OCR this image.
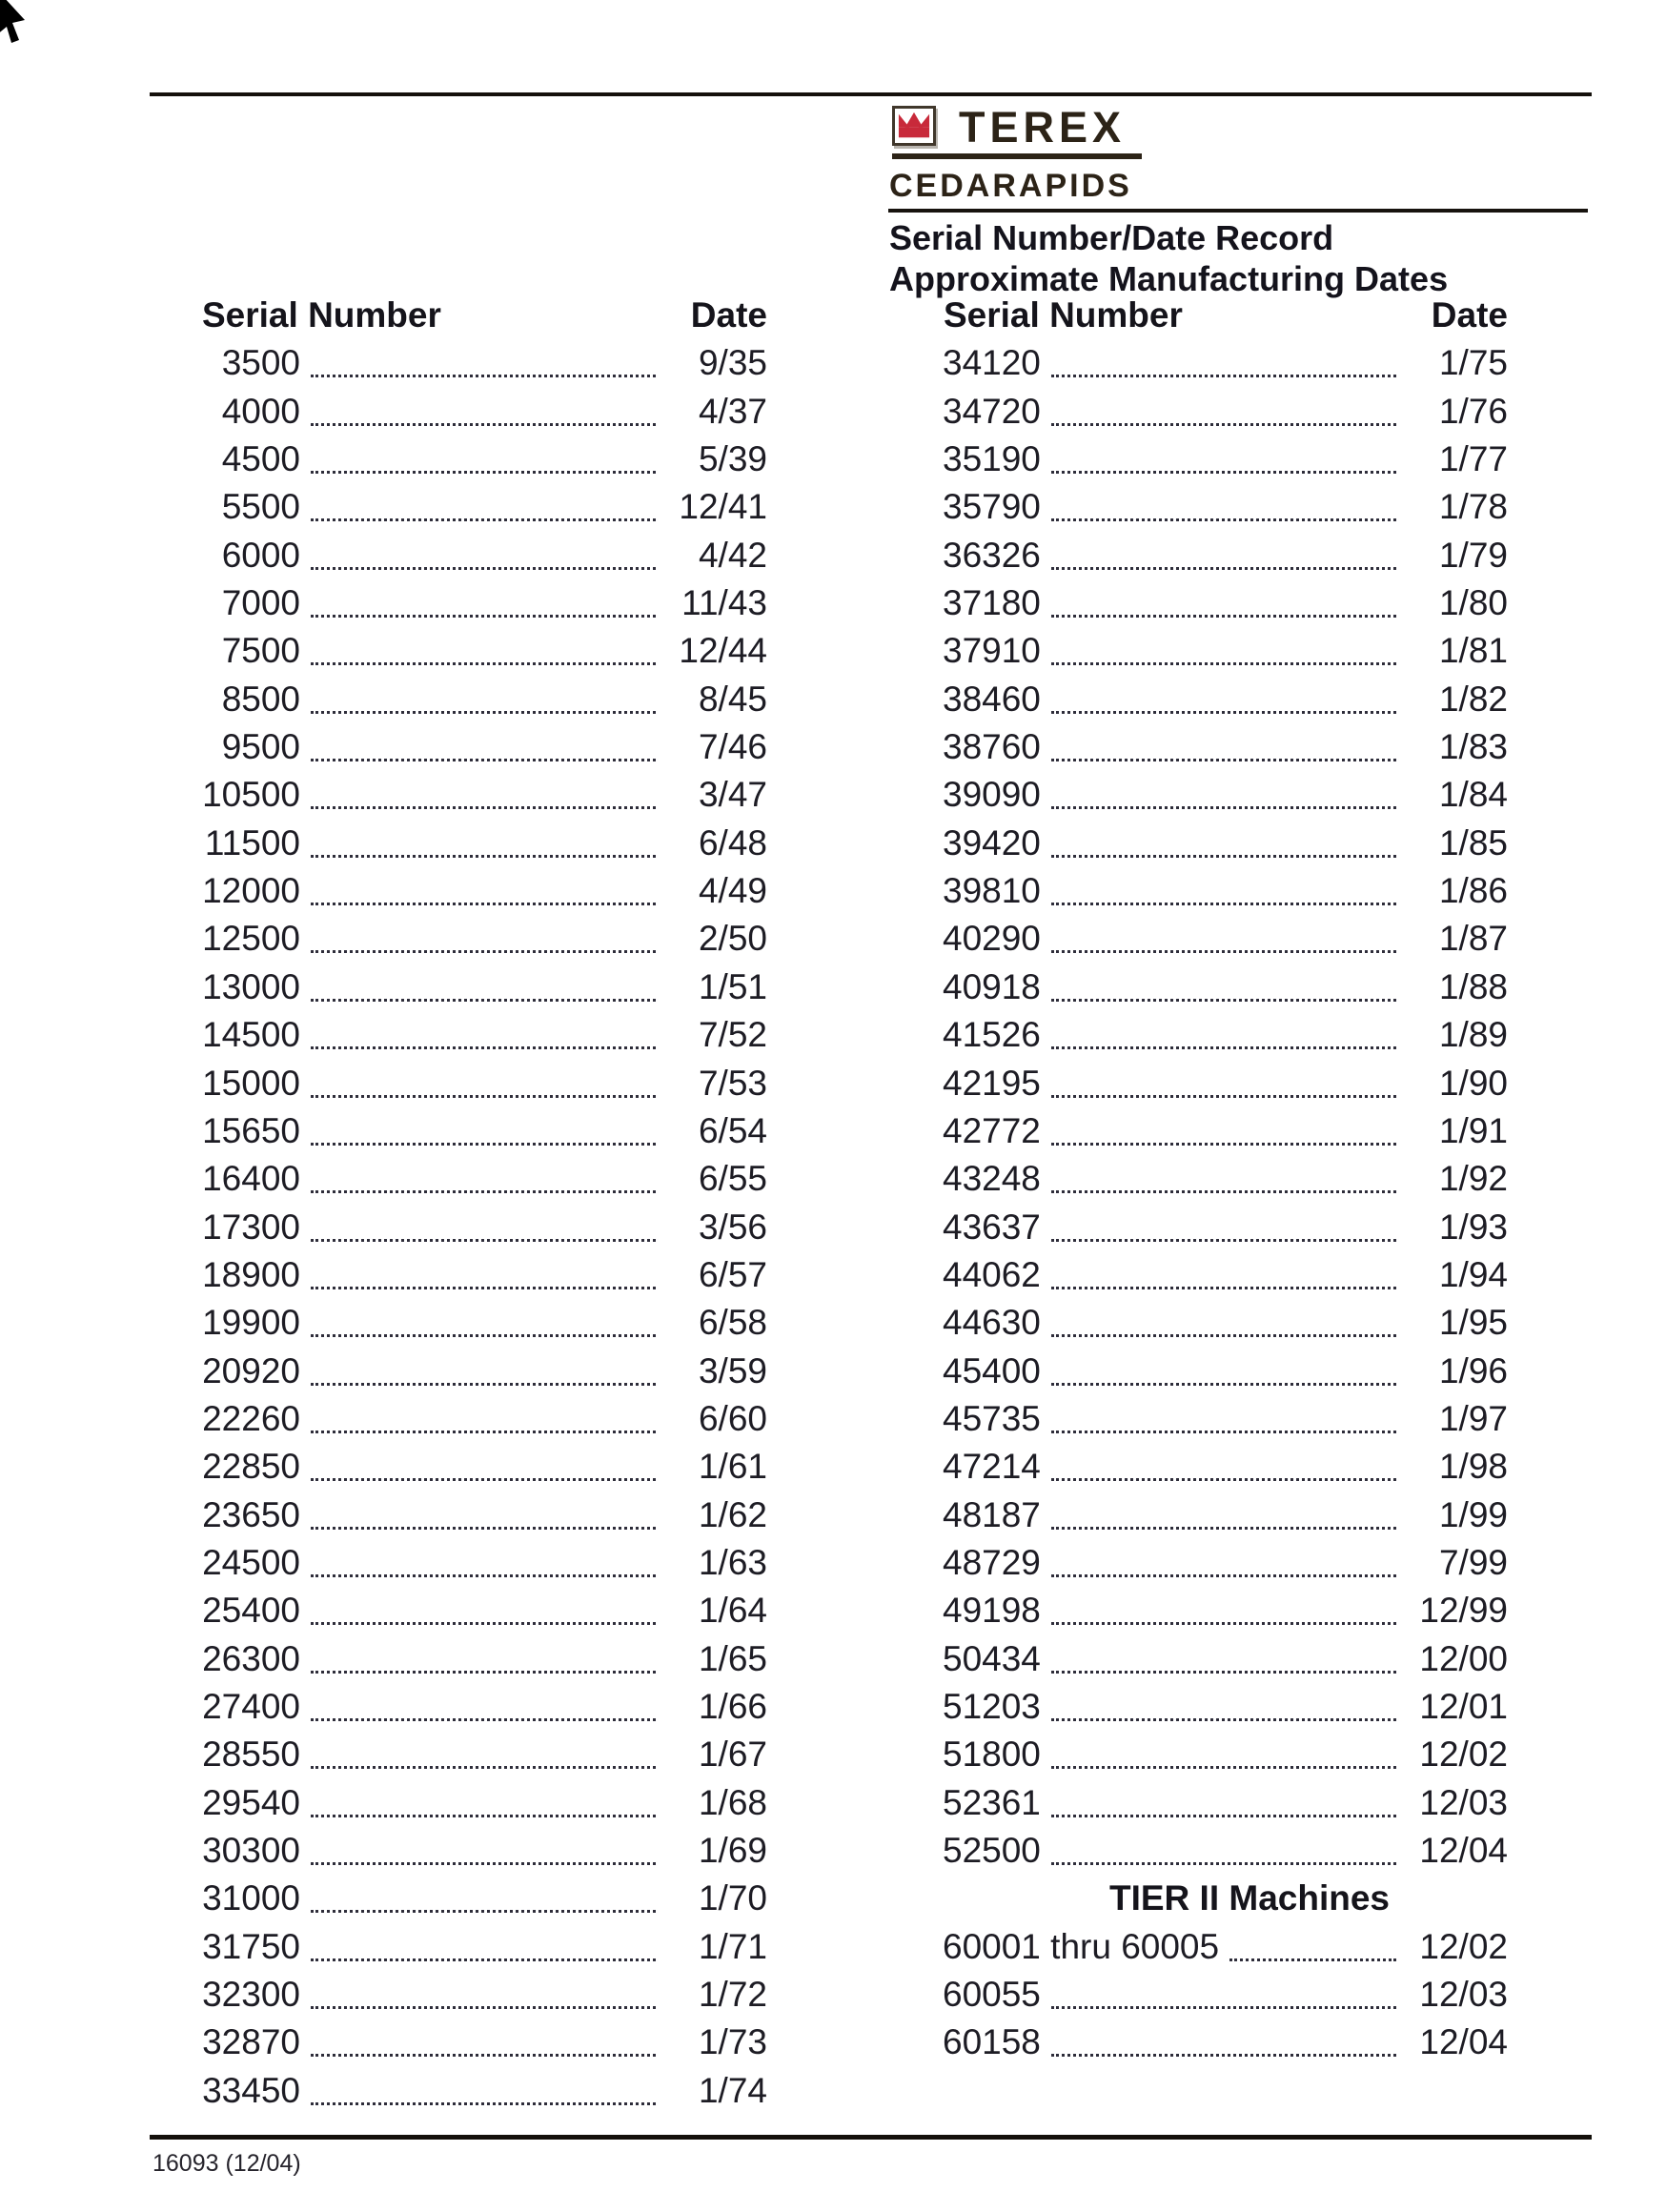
TEREX
CEDARAPIDS
Serial Number/Date Record
Approximate Manufacturing Dates
Serial Number	Date
3500	9/35
4000	4/37
4500	5/39
5500	12/41
6000	4/42
7000	11/43
7500	12/44
8500	8/45
9500	7/46
10500	3/47
11500	6/48
12000	4/49
12500	2/50
13000	1/51
14500	7/52
15000	7/53
15650	6/54
16400	6/55
17300	3/56
18900	6/57
19900	6/58
20920	3/59
22260	6/60
22850	1/61
23650	1/62
24500	1/63
25400	1/64
26300	1/65
27400	1/66
28550	1/67
29540	1/68
30300	1/69
31000	1/70
31750	1/71
32300	1/72
32870	1/73
33450	1/74
Serial Number	Date
34120	1/75
34720	1/76
35190	1/77
35790	1/78
36326	1/79
37180	1/80
37910	1/81
38460	1/82
38760	1/83
39090	1/84
39420	1/85
39810	1/86
40290	1/87
40918	1/88
41526	1/89
42195	1/90
42772	1/91
43248	1/92
43637	1/93
44062	1/94
44630	1/95
45400	1/96
45735	1/97
47214	1/98
48187	1/99
48729	7/99
49198	12/99
50434	12/00
51203	12/01
51800	12/02
52361	12/03
52500	12/04
TIER II Machines
60001 thru 60005	12/02
60055	12/03
60158	12/04
16093 (12/04)
